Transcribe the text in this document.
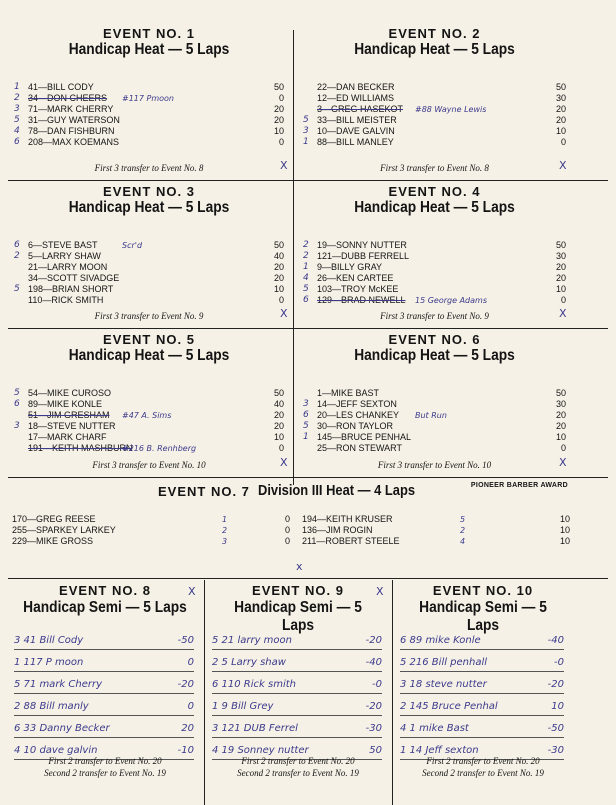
EVENT NO. 1
Handicap Heat — 5 Laps
1 41—BILL CODY	50
2 34—DON CHEERS	0
#117 Pmoon
3 71—MARK CHERRY	20
5 31—GUY WATERSON	20
4 78—DAN FISHBURN	10
6 208—MAX KOEMANS	0
First 3 transfer to Event No. 8	X
EVENT NO. 2
Handicap Heat — 5 Laps
22—DAN BECKER	50
12—ED WILLIAMS	30
3—GREG HASEKOT	20
#88 Wayne Lewis
5 33—BILL MEISTER	20
3 10—DAVE GALVIN	10
1 88—BILL MANLEY	0
First 3 transfer to Event No. 8	X
EVENT NO. 3
Handicap Heat — 5 Laps
6 6—STEVE BAST	50
Scr'd
2 5—LARRY SHAW	40
21—LARRY MOON	20
34—SCOTT SIVADGE	20
5 198—BRIAN SHORT	10
110—RICK SMITH	0
First 3 transfer to Event No. 9	X
EVENT NO. 4
Handicap Heat — 5 Laps
2 19—SONNY NUTTER	50
2 121—DUBB FERRELL	30
1 9—BILLY GRAY	20
4 26—KEN CARTEE	20
5 103—TROY McKEE	10
6 129—BRAD NEWELL	0
15 George Adams
First 3 transfer to Event No. 9	X
EVENT NO. 5
Handicap Heat — 5 Laps
5 54—MIKE CUROSO	50
6 89—MIKE KONLE	40
51—JIM GRESHAM	20
#47 A. Sims
3 18—STEVE NUTTER	20
17—MARK CHARF	10
191—KEITH MASHBURN	0
#216 B. Renhberg
First 3 transfer to Event No. 10	X
EVENT NO. 6
Handicap Heat — 5 Laps
1—MIKE BAST	50
3 14—JEFF SEXTON	30
6 20—LES CHANKEY	20
But Run
5 30—RON TAYLOR	20
1 145—BRUCE PENHAL	10
25—RON STEWART	0
First 3 transfer to Event No. 10	X
EVENT NO. 7 Division III Heat — 4 Laps
170—GREG REESE	1	0
255—SPARKEY LARKEY	2	0
229—MIKE GROSS	3	0
194—KEITH KRUSER	5	10
136—JIM ROGIN	2	10
211—ROBERT STEELE	4	10
x
PIONEER BARBER AWARD
EVENT NO. 8
Handicap Semi — 5 Laps
3 41 Bill Cody	-50
1 117 P moon	0
5 71 mark Cherry	-20
2 88 Bill manly	0
6 33 Danny Becker	20
4 10 dave galvin	-10
First 2 transfer to Event No. 20
Second 2 transfer to Event No. 19
X	EVENT NO. 9
Handicap Semi — 5 Laps
5 21 larry moon	-20
2 5 Larry shaw	-40
6 110 Rick smith	-0
1 9 Bill Grey	-20
3 121 DUB Ferrel	-30
4 19 Sonney nutter	50
First 2 transfer to Event No. 20
Second 2 transfer to Event No. 19
X	EVENT NO. 10
Handicap Semi — 5 Laps
6 89 mike Konle	-40
5 216 Bill penhall	-0
3 18 steve nutter	-20
2 145 Bruce Penhal	10
4 1 mike Bast	-50
1 14 Jeff sexton	-30
First 2 transfer to Event No. 20
Second 2 transfer to Event No. 19
